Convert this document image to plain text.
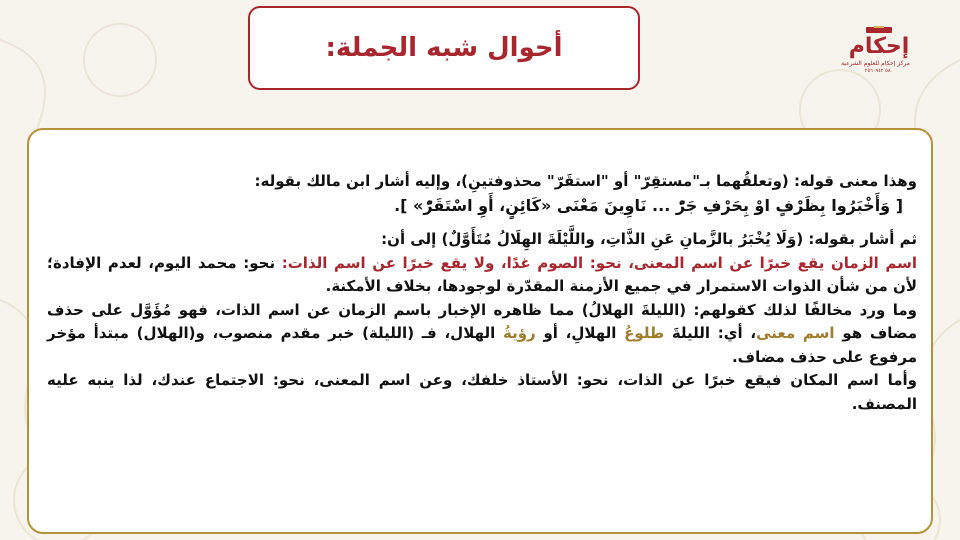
أحوال شبه الجملة:	إحكام
مركز إحكام للعلوم الشرعية
٥٨٠ ٢٥٦٠٩٤٢

وهذا معنى قوله: (وتعلقُهما بـ"مستقِرّ" أو "استقَرّ" محذوفتينِ)، وإليه أشار ابن مالك بقوله:

[ وَأَخْبَرُوا بِظَرْفٍ اوْ بِحَرْفِ جَرّْ ... نَاوِينَ مَعْنَى «كَائِنٍ، أَوِ اسْتَقَرّْ» ].

ثم أشار بقوله: (وَلَا يُخْبَرُ بالزَّمانِ عَنِ الذَّاتِ، واللَّيْلَةَ الهِلَالُ مُتَأَوَّلٌ) إلى أن:

اسم الزمان يقع خبرًا عن اسم المعنى، نحو: الصوم غدًا، ولا يقع خبرًا عن اسم الذات: نحو: محمد اليوم، لعدم الإفادة؛ لأن من شأن الذوات الاستمرار في جميع الأزمنة المقدّرة لوجودها، بخلاف الأمكنة.

وما ورد مخالفًا لذلك كقولهم: (الليلةَ الهلالُ) مما ظاهره الإخبار باسم الزمان عن اسم الذات، فهو مُؤَوَّل على حذف مضاف هو اسم معنى، أي: الليلةَ طلوعُ الهلالِ، أو رؤيةُ الهلال، فـ (الليلة) خبر مقدم منصوب، و(الهلال) مبتدأ مؤخر مرفوع على حذف مضاف.

وأما اسم المكان فيقع خبرًا عن الذات، نحو: الأستاذ خلفك، وعن اسم المعنى، نحو: الاجتماع عندك، لذا ينبه عليه المصنف.
